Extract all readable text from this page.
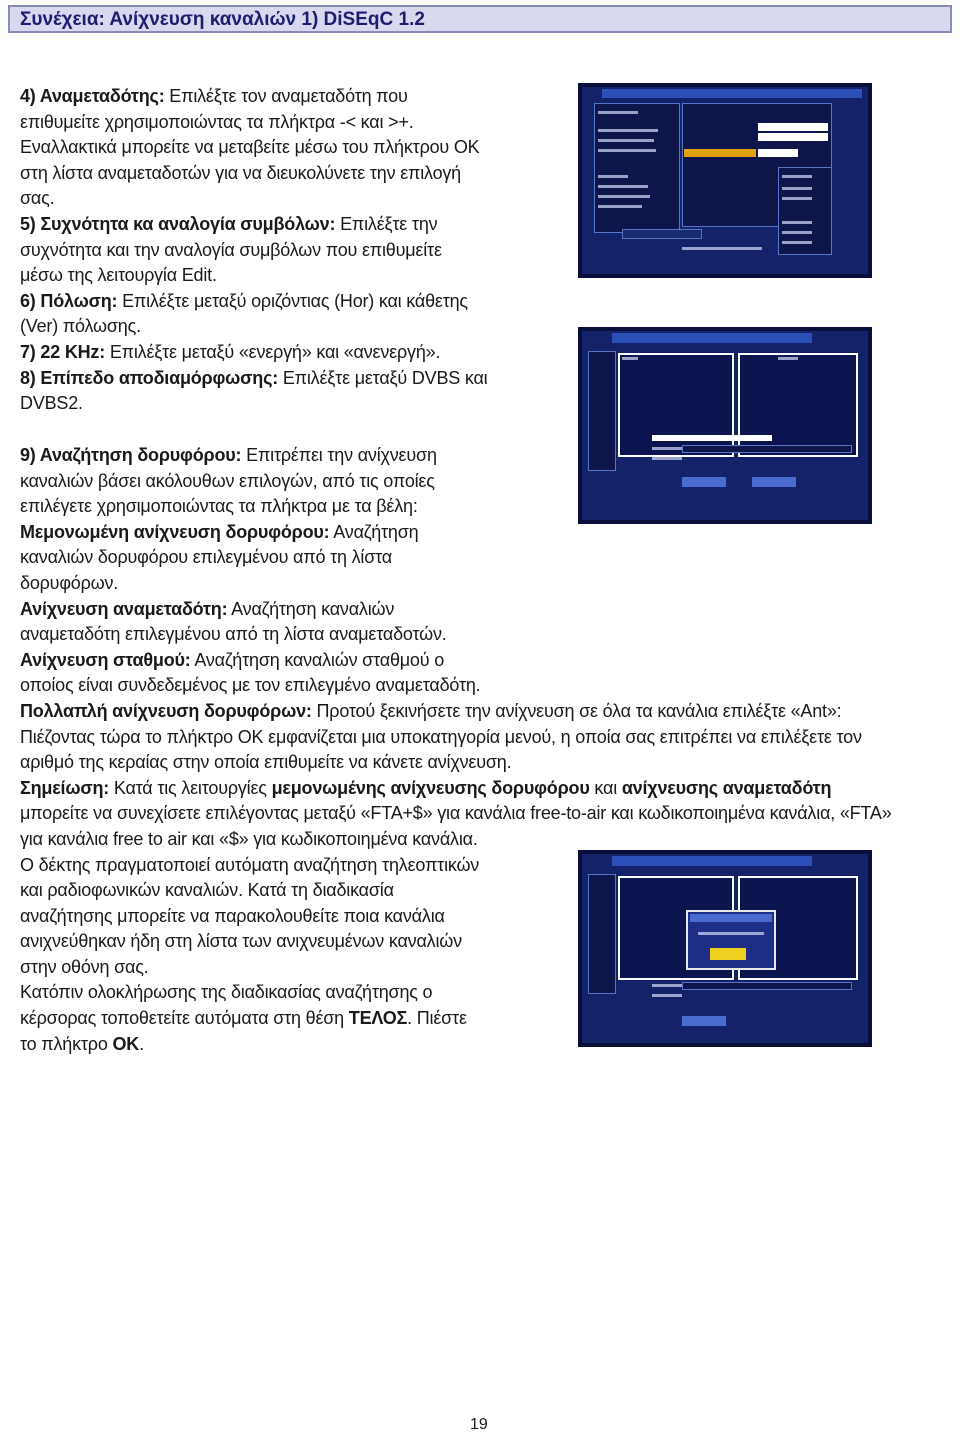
Συνέχεια: Ανίχνευση καναλιών 1) DiSEqC 1.2
4) Αναμεταδότης: Επιλέξτε τον αναμεταδότη που
επιθυμείτε χρησιμοποιώντας τα πλήκτρα -< και >+.
Εναλλακτικά μπορείτε να μεταβείτε μέσω του πλήκτρου ΟΚ
στη λίστα αναμεταδοτών για να διευκολύνετε την επιλογή
σας.
5) Συχνότητα κα αναλογία συμβόλων: Επιλέξτε την
συχνότητα και την αναλογία συμβόλων που επιθυμείτε
μέσω της λειτουργία Edit.
6) Πόλωση: Επιλέξτε μεταξύ οριζόντιας (Hor) και κάθετης
(Ver) πόλωσης.
7) 22 KHz: Επιλέξτε μεταξύ «ενεργή» και «ανενεργή».
8) Επίπεδο αποδιαμόρφωσης: Επιλέξτε μεταξύ DVBS και
DVBS2.
9) Αναζήτηση δορυφόρου: Επιτρέπει την ανίχνευση
καναλιών βάσει ακόλουθων επιλογών, από τις οποίες
επιλέγετε χρησιμοποιώντας τα πλήκτρα με τα βέλη:
Μεμονωμένη ανίχνευση δορυφόρου: Αναζήτηση
καναλιών δορυφόρου επιλεγμένου από τη λίστα
δορυφόρων.
Ανίχνευση αναμεταδότη: Αναζήτηση καναλιών
αναμεταδότη επιλεγμένου από τη λίστα αναμεταδοτών.
Ανίχνευση σταθμού: Αναζήτηση καναλιών σταθμού ο
οποίος είναι συνδεδεμένος με τον επιλεγμένο αναμεταδότη.
Πολλαπλή ανίχνευση δορυφόρων: Προτού ξεκινήσετε την ανίχνευση σε όλα τα κανάλια επιλέξτε «Ant»:
Πιέζοντας τώρα το πλήκτρο ΟΚ εμφανίζεται μια υποκατηγορία μενού, η οποία σας επιτρέπει να επιλέξετε τον
αριθμό της κεραίας στην οποία επιθυμείτε να κάνετε ανίχνευση.
Σημείωση: Κατά τις λειτουργίες μεμονωμένης ανίχνευσης δορυφόρου και ανίχνευσης αναμεταδότη
μπορείτε να συνεχίσετε επιλέγοντας μεταξύ «FTA+$» για κανάλια free-to-air και κωδικοποιημένα κανάλια, «FTA»
για κανάλια free to air και «$» για κωδικοποιημένα κανάλια.
Ο δέκτης πραγματοποιεί αυτόματη αναζήτηση τηλεοπτικών
και ραδιοφωνικών καναλιών. Κατά τη διαδικασία
αναζήτησης μπορείτε να παρακολουθείτε ποια κανάλια
ανιχνεύθηκαν ήδη στη λίστα των ανιχνευμένων καναλιών
στην οθόνη σας.
Κατόπιν ολοκλήρωσης της διαδικασίας αναζήτησης ο
κέρσορας τοποθετείτε αυτόματα στη θέση ΤΕΛΟΣ. Πιέστε
το πλήκτρο ΟΚ.
19
